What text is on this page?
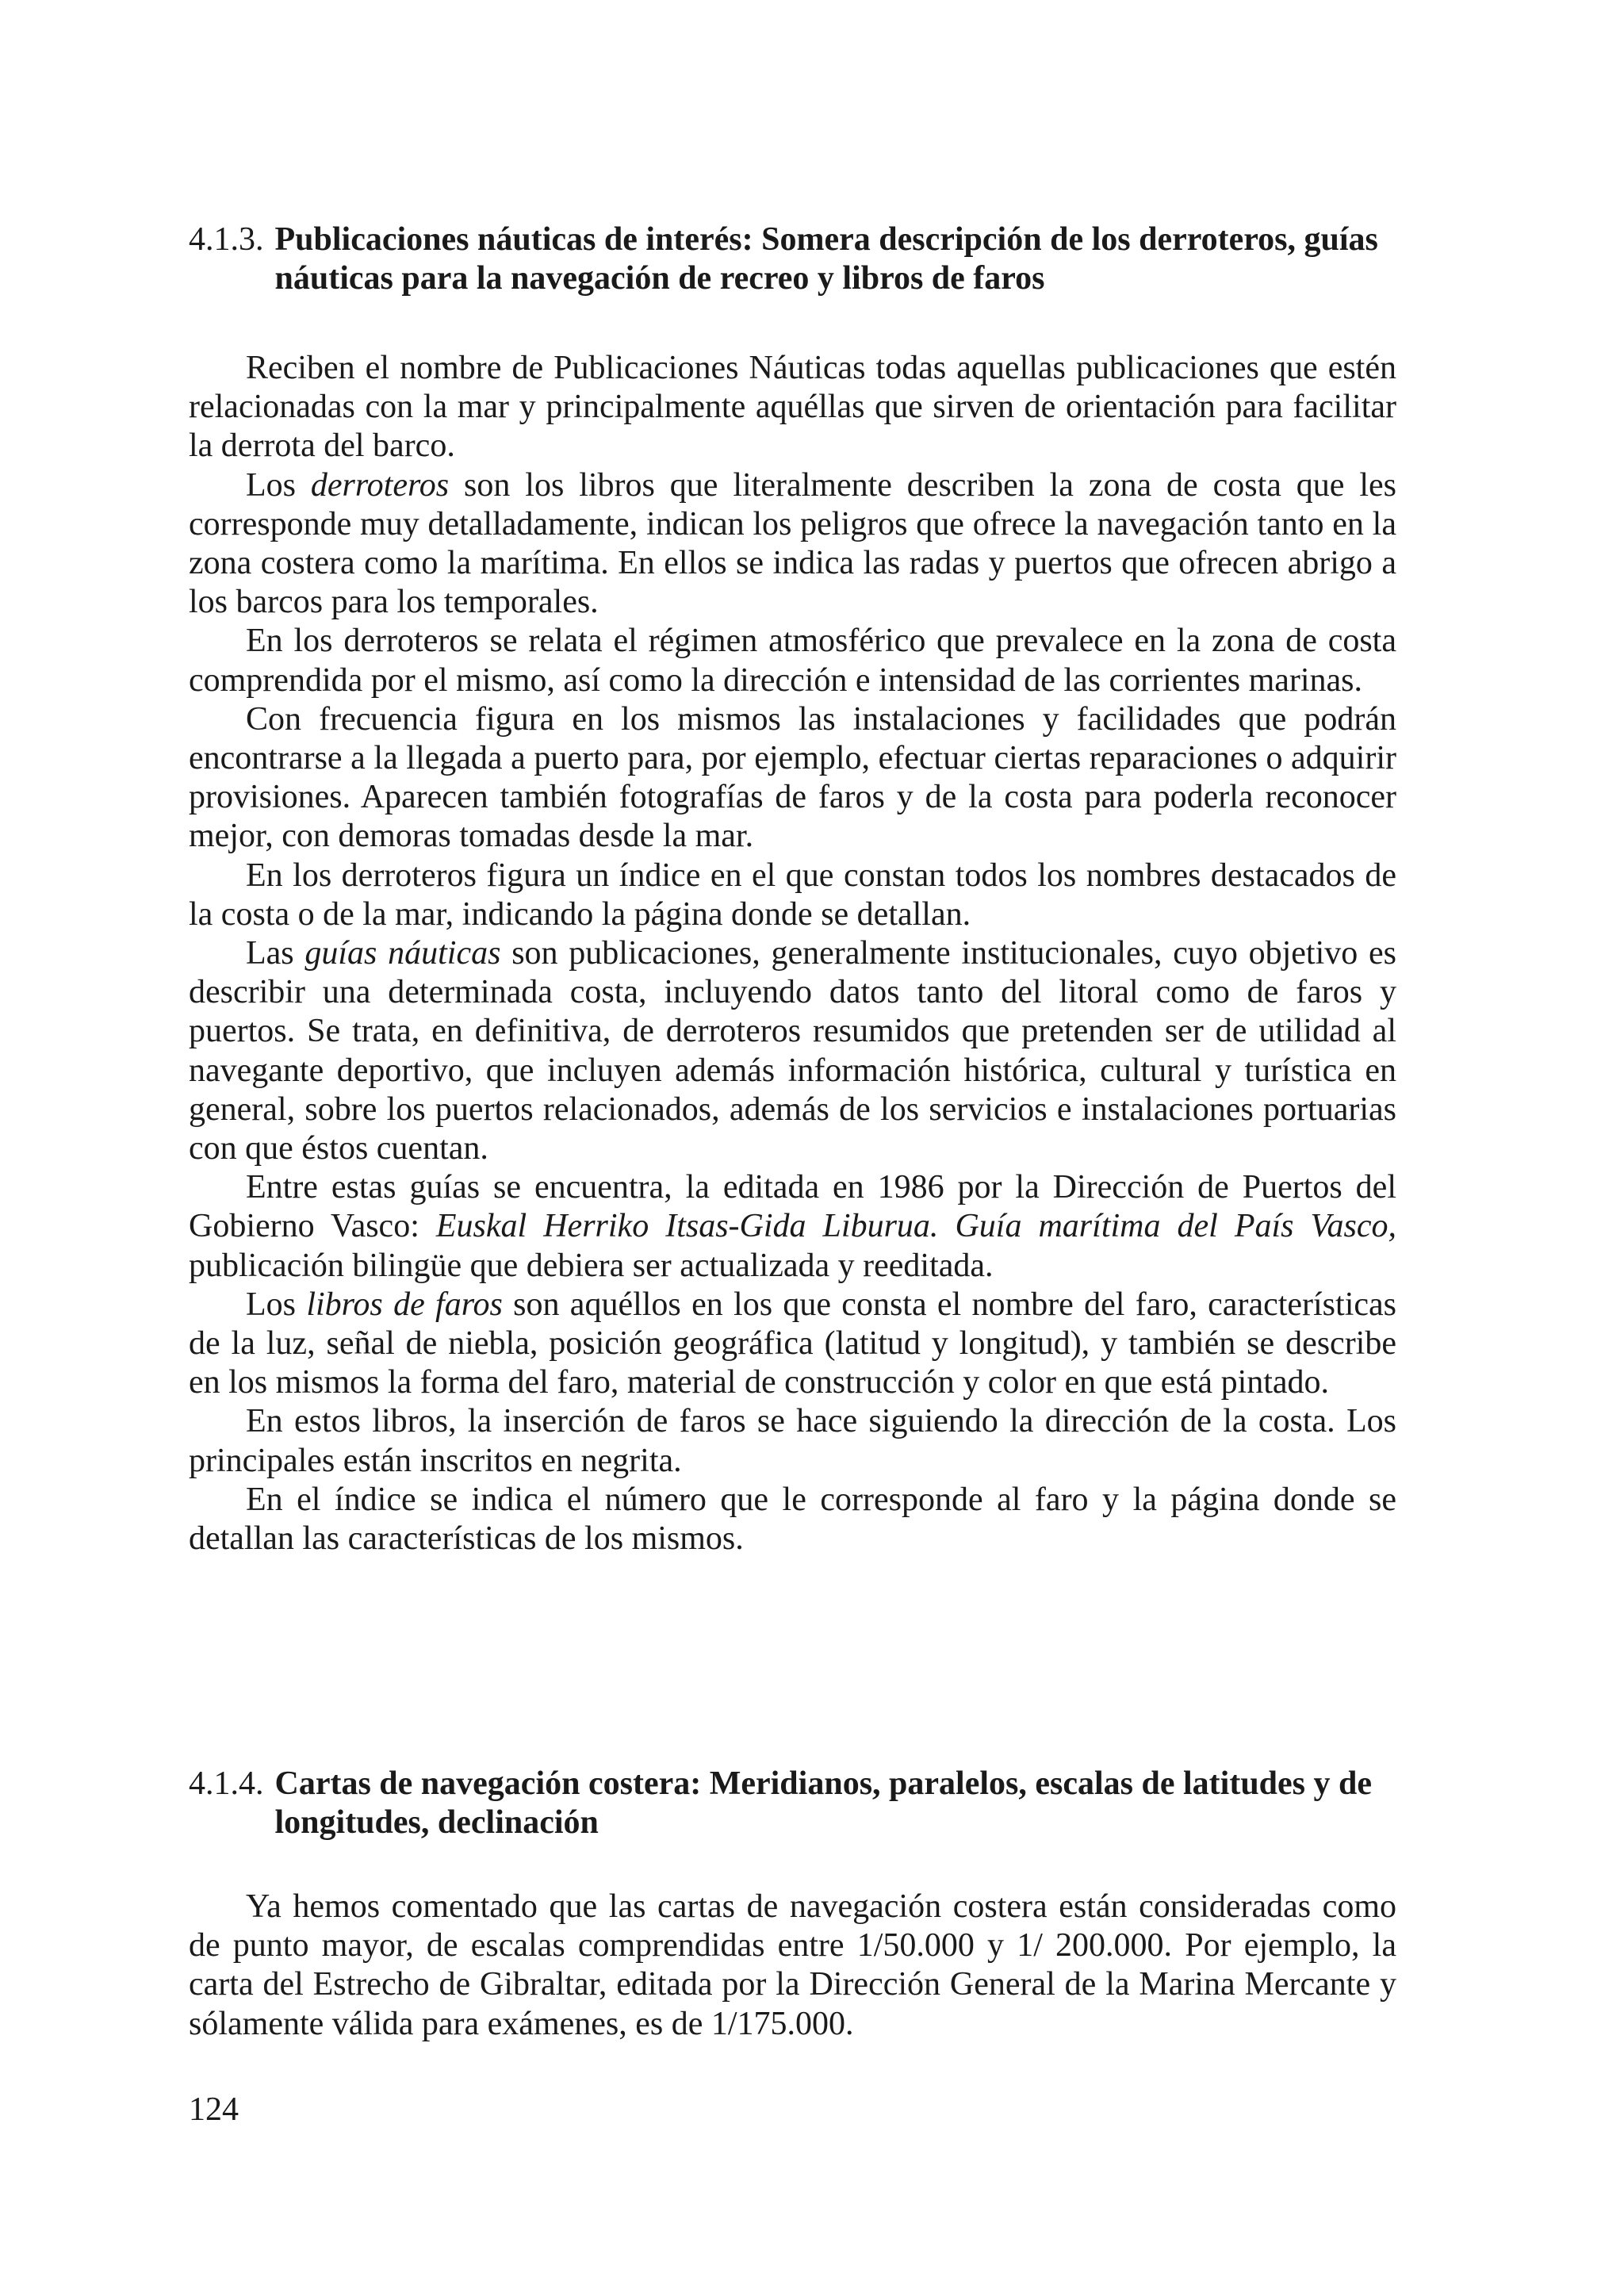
4.1.3. Publicaciones náuticas de interés: Somera descripción de los derroteros, guías náuticas para la navegación de recreo y libros de faros

Reciben el nombre de Publicaciones Náuticas todas aquellas publicaciones que estén relacionadas con la mar y principalmente aquéllas que sirven de orientación para facilitar la derrota del barco.

Los derroteros son los libros que literalmente describen la zona de costa que les corresponde muy detalladamente, indican los peligros que ofrece la navegación tanto en la zona costera como la marítima. En ellos se indica las radas y puertos que ofrecen abrigo a los barcos para los temporales.

En los derroteros se relata el régimen atmosférico que prevalece en la zona de costa comprendida por el mismo, así como la dirección e intensidad de las corrientes marinas.

Con frecuencia figura en los mismos las instalaciones y facilidades que podrán encontrarse a la llegada a puerto para, por ejemplo, efectuar ciertas reparaciones o adquirir provisiones. Aparecen también fotografías de faros y de la costa para poderla reconocer mejor, con demoras tomadas desde la mar.

En los derroteros figura un índice en el que constan todos los nombres destacados de la costa o de la mar, indicando la página donde se detallan.

Las guías náuticas son publicaciones, generalmente institucionales, cuyo objetivo es describir una determinada costa, incluyendo datos tanto del litoral como de faros y puertos. Se trata, en definitiva, de derroteros resumidos que pretenden ser de utilidad al navegante deportivo, que incluyen además información histórica, cultural y turística en general, sobre los puertos relacionados, además de los servicios e instalaciones portuarias con que éstos cuentan.

Entre estas guías se encuentra, la editada en 1986 por la Dirección de Puertos del Gobierno Vasco: Euskal Herriko Itsas-Gida Liburua. Guía marítima del País Vasco, publicación bilingüe que debiera ser actualizada y reeditada.

Los libros de faros son aquéllos en los que consta el nombre del faro, características de la luz, señal de niebla, posición geográfica (latitud y longitud), y también se describe en los mismos la forma del faro, material de construcción y color en que está pintado.

En estos libros, la inserción de faros se hace siguiendo la dirección de la costa. Los principales están inscritos en negrita.

En el índice se indica el número que le corresponde al faro y la página donde se detallan las características de los mismos.

4.1.4. Cartas de navegación costera: Meridianos, paralelos, escalas de latitudes y de longitudes, declinación

Ya hemos comentado que las cartas de navegación costera están consideradas como de punto mayor, de escalas comprendidas entre 1/50.000 y 1/ 200.000. Por ejemplo, la carta del Estrecho de Gibraltar, editada por la Dirección General de la Marina Mercante y sólamente válida para exámenes, es de 1/175.000.

124
